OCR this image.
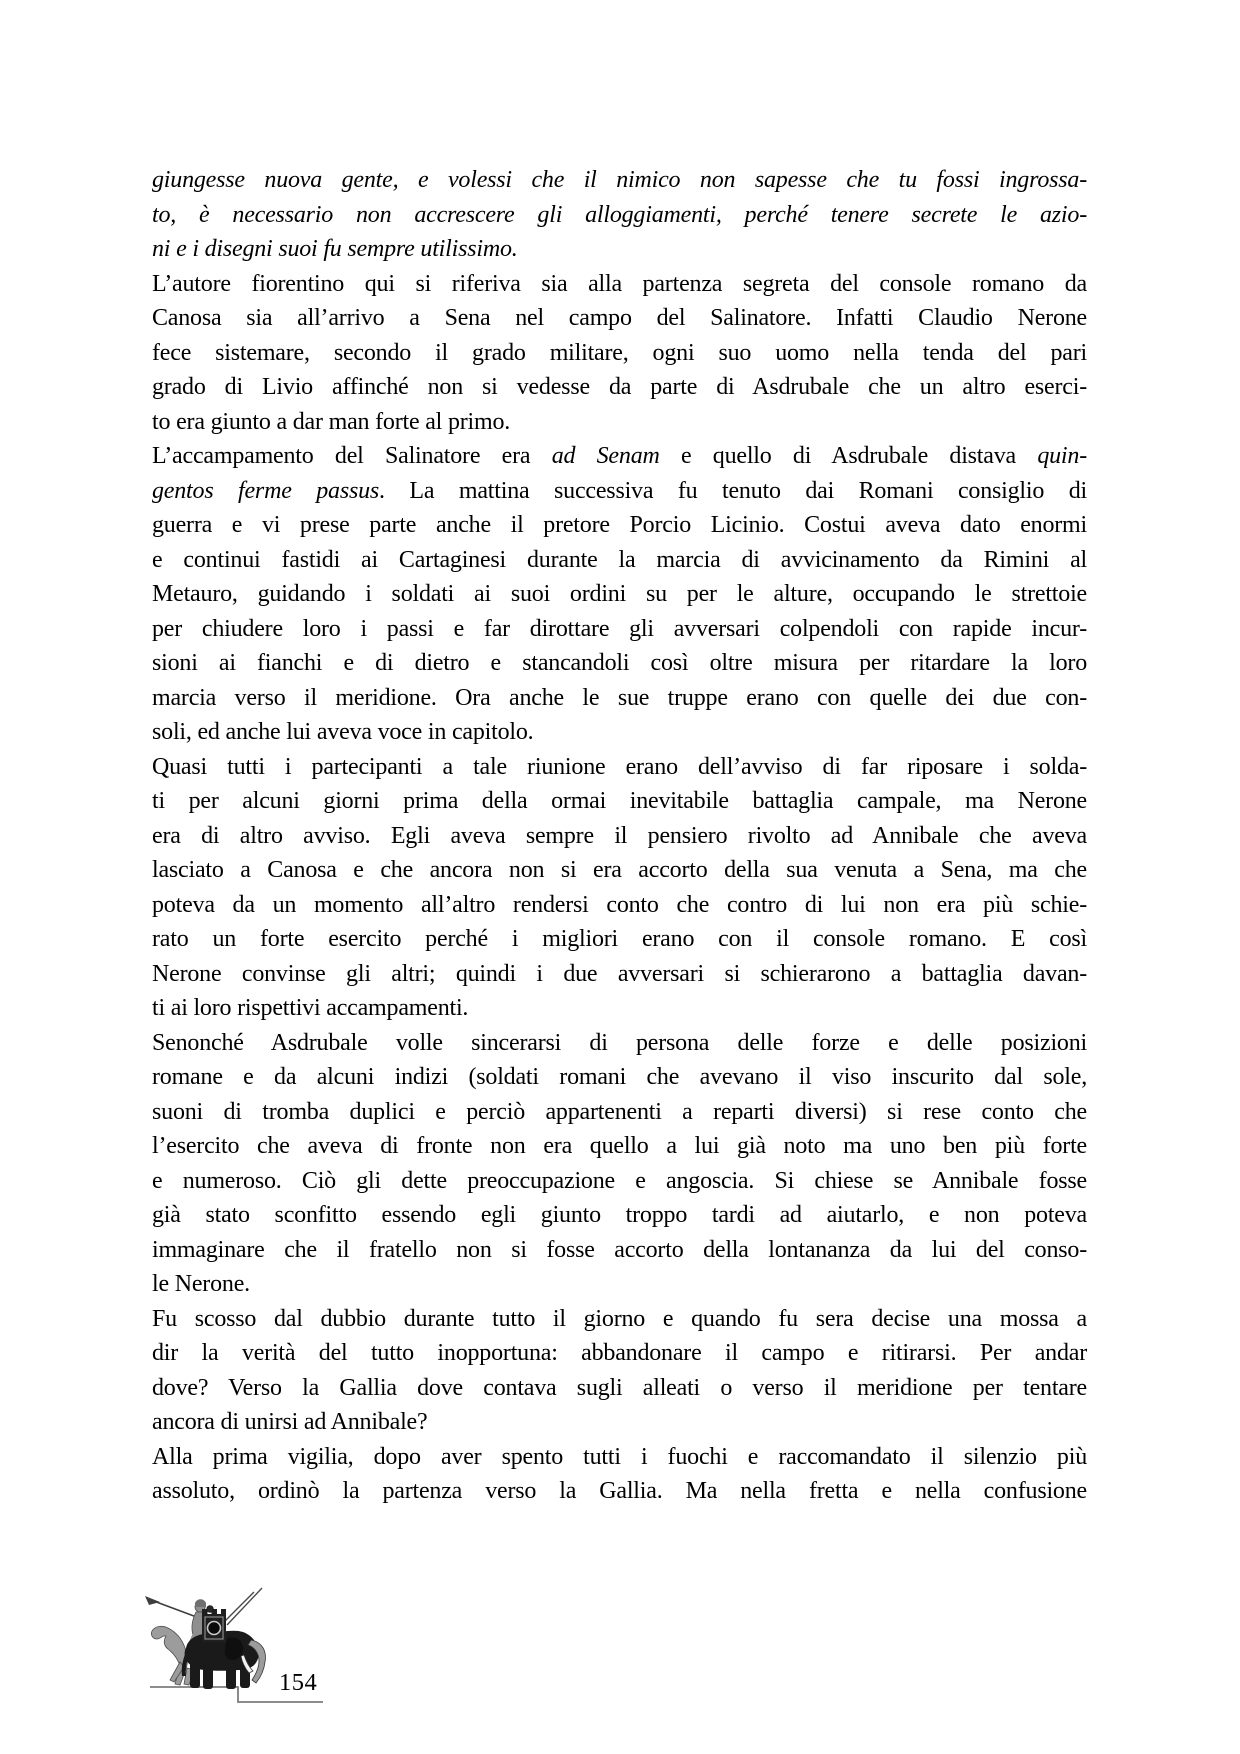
giungesse nuova gente, e volessi che il nimico non sapesse che tu fossi ingrossa-
to, è necessario non accrescere gli alloggiamenti, perché tenere secrete le azio-
ni e i disegni suoi fu sempre utilissimo.
L’autore fiorentino qui si riferiva sia alla partenza segreta del console romano da
Canosa sia all’arrivo a Sena nel campo del Salinatore. Infatti Claudio Nerone
fece sistemare, secondo il grado militare, ogni suo uomo nella tenda del pari
grado di Livio affinché non si vedesse da parte di Asdrubale che un altro eserci-
to era giunto a dar man forte al primo.
L’accampamento del Salinatore era ad Senam e quello di Asdrubale distava quin-
gentos ferme passus. La mattina successiva fu tenuto dai Romani consiglio di
guerra e vi prese parte anche il pretore Porcio Licinio. Costui aveva dato enormi
e continui fastidi ai Cartaginesi durante la marcia di avvicinamento da Rimini al
Metauro, guidando i soldati ai suoi ordini su per le alture, occupando le strettoie
per chiudere loro i passi e far dirottare gli avversari colpendoli con rapide incur-
sioni ai fianchi e di dietro e stancandoli così oltre misura per ritardare la loro
marcia verso il meridione. Ora anche le sue truppe erano con quelle dei due con-
soli, ed anche lui aveva voce in capitolo.
Quasi tutti i partecipanti a tale riunione erano dell’avviso di far riposare i solda-
ti per alcuni giorni prima della ormai inevitabile battaglia campale, ma Nerone
era di altro avviso. Egli aveva sempre il pensiero rivolto ad Annibale che aveva
lasciato a Canosa e che ancora non si era accorto della sua venuta a Sena, ma che
poteva da un momento all’altro rendersi conto che contro di lui non era più schie-
rato un forte esercito perché i migliori erano con il console romano. E così
Nerone convinse gli altri; quindi i due avversari si schierarono a battaglia davan-
ti ai loro rispettivi accampamenti.
Senonché Asdrubale volle sincerarsi di persona delle forze e delle posizioni
romane e da alcuni indizi (soldati romani che avevano il viso inscurito dal sole,
suoni di tromba duplici e perciò appartenenti a reparti diversi) si rese conto che
l’esercito che aveva di fronte non era quello a lui già noto ma uno ben più forte
e numeroso. Ciò gli dette preoccupazione e angoscia. Si chiese se Annibale fosse
già stato sconfitto essendo egli giunto troppo tardi ad aiutarlo, e non poteva
immaginare che il fratello non si fosse accorto della lontananza da lui del conso-
le Nerone.
Fu scosso dal dubbio durante tutto il giorno e quando fu sera decise una mossa a
dir la verità del tutto inopportuna: abbandonare il campo e ritirarsi. Per andar
dove? Verso la Gallia dove contava sugli alleati o verso il meridione per tentare
ancora di unirsi ad Annibale?
Alla prima vigilia, dopo aver spento tutti i fuochi e raccomandato il silenzio più
assoluto, ordinò la partenza verso la Gallia. Ma nella fretta e nella confusione
154
